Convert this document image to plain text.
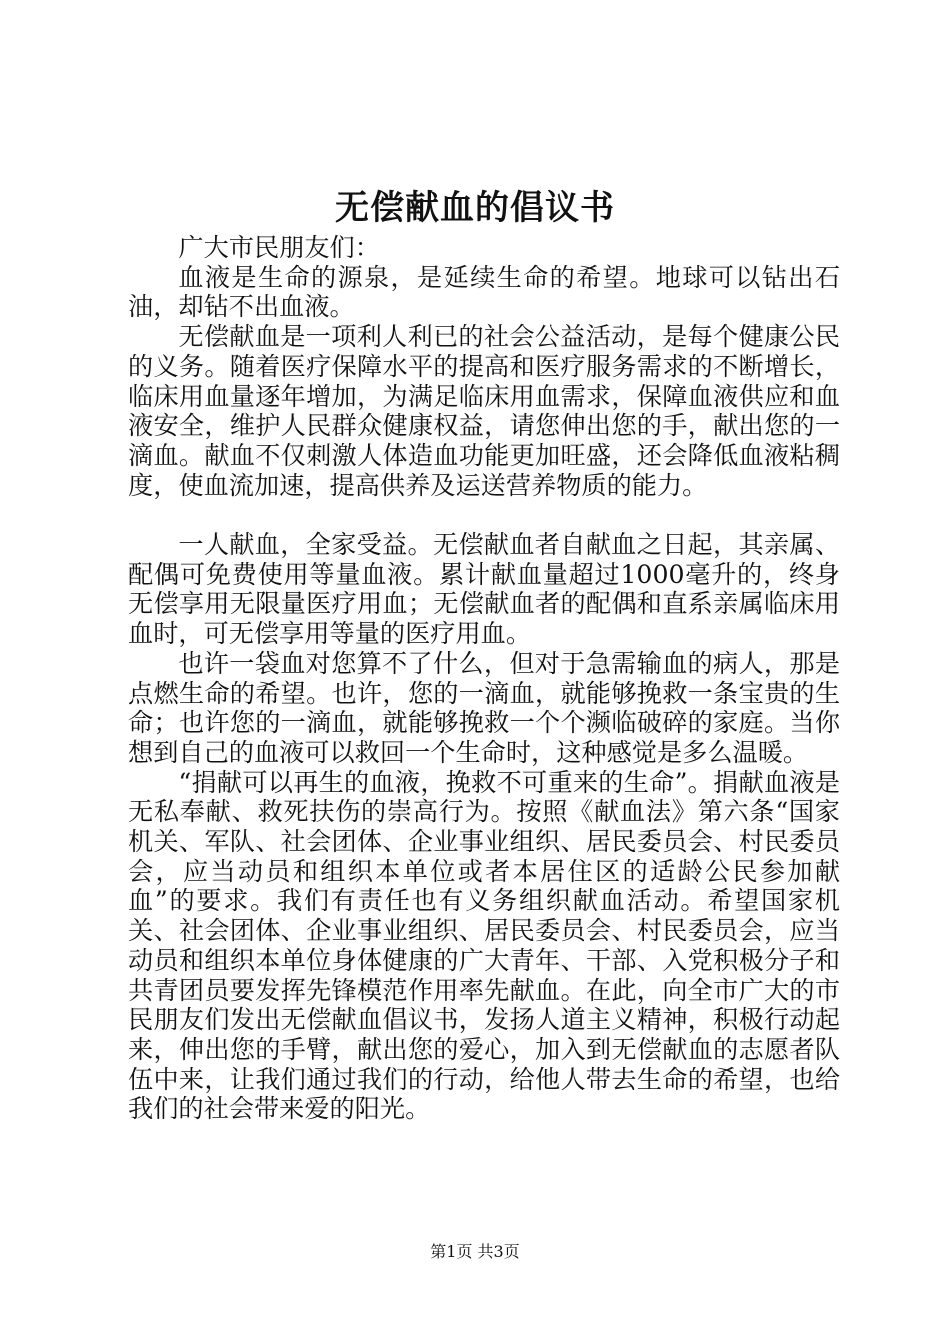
无偿献血的倡议书

广大市民朋友们：

血液是生命的源泉，是延续生命的希望。地球可以钻出石油，却钻不出血液。

无偿献血是一项利人利已的社会公益活动，是每个健康公民的义务。随着医疗保障水平的提高和医疗服务需求的不断增长，临床用血量逐年增加，为满足临床用血需求，保障血液供应和血液安全，维护人民群众健康权益，请您伸出您的手，献出您的一滴血。献血不仅刺激人体造血功能更加旺盛，还会降低血液粘稠度，使血流加速，提高供养及运送营养物质的能力。

一人献血，全家受益。无偿献血者自献血之日起，其亲属、配偶可免费使用等量血液。累计献血量超过1000毫升的，终身无偿享用无限量医疗用血；无偿献血者的配偶和直系亲属临床用血时，可无偿享用等量的医疗用血。

也许一袋血对您算不了什么，但对于急需输血的病人，那是点燃生命的希望。也许，您的一滴血，就能够挽救一条宝贵的生命；也许您的一滴血，就能够挽救一个个濒临破碎的家庭。当你想到自己的血液可以救回一个生命时，这种感觉是多么温暖。

“捐献可以再生的血液，挽救不可重来的生命”。捐献血液是无私奉献、救死扶伤的崇高行为。按照《献血法》第六条“国家机关、军队、社会团体、企业事业组织、居民委员会、村民委员会，应当动员和组织本单位或者本居住区的适龄公民参加献血”的要求。我们有责任也有义务组织献血活动。希望国家机关、社会团体、企业事业组织、居民委员会、村民委员会，应当动员和组织本单位身体健康的广大青年、干部、入党积极分子和共青团员要发挥先锋模范作用率先献血。在此，向全市广大的市民朋友们发出无偿献血倡议书，发扬人道主义精神，积极行动起来，伸出您的手臂，献出您的爱心，加入到无偿献血的志愿者队伍中来，让我们通过我们的行动，给他人带去生命的希望，也给我们的社会带来爱的阳光。

第1页 共3页
